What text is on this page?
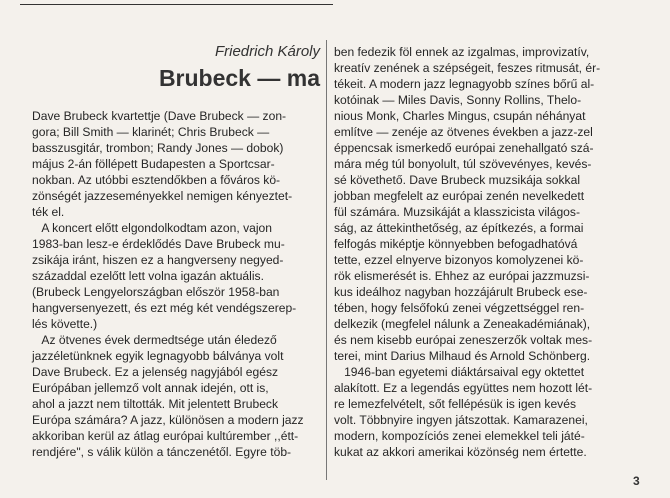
Friedrich Károly
Brubeck — ma
Dave Brubeck kvartettje (Dave Brubeck — zon-
gora; Bill Smith — klarinét; Chris Brubeck —
basszusgitár, trombon; Randy Jones — dobok)
május 2-án föllépett Budapesten a Sportcsar-
nokban. Az utóbbi esztendőkben a főváros kö-
zönségét jazzeseményekkel nemigen kényeztet-
ték el.
A koncert előtt elgondolkodtam azon, vajon
1983-ban lesz-e érdeklődés Dave Brubeck mu-
zsikája iránt, hiszen ez a hangverseny negyed-
századdal ezelőtt lett volna igazán aktuális.
(Brubeck Lengyelországban először 1958-ban
hangversenyezett, és ezt még két vendégszerep-
lés követte.)
Az ötvenes évek dermedtsége után éledező
jazzéletünknek egyik legnagyobb bálványa volt
Dave Brubeck. Ez a jelenség nagyjából egész
Európában jellemző volt annak idején, ott is,
ahol a jazzt nem tiltották. Mit jelentett Brubeck
Európa számára? A jazz, különösen a modern jazz
akkoriban kerül az átlag európai kultúrember ,,étt-
rendjére", s válik külön a tánczenétől. Egyre töb-
ben fedezik föl ennek az izgalmas, improvizatív,
kreatív zenének a szépségeit, feszes ritmusát, ér-
tékeit. A modern jazz legnagyobb színes bőrű al-
kotóinak — Miles Davis, Sonny Rollins, Thelo-
nious Monk, Charles Mingus, csupán néhányat
említve — zenéje az ötvenes években a jazz-zel
éppencsak ismerkedő európai zenehallgató szá-
mára még túl bonyolult, túl szövevényes, kevés-
sé követhető. Dave Brubeck muzsikája sokkal
jobban megfelelt az európai zenén nevelkedett
fül számára. Muzsikáját a klasszicista világos-
ság, az áttekinthetőség, az építkezés, a formai
felfogás miképtje könnyebben befogadhatóvá
tette, ezzel elnyerve bizonyos komolyzenei kö-
rök elismerését is. Ehhez az európai jazzmuzsi-
kus ideálhoz nagyban hozzájárult Brubeck ese-
tében, hogy felsőfokú zenei végzettséggel ren-
delkezik (megfelel nálunk a Zeneakadémiának),
és nem kisebb európai zeneszerzők voltak mes-
terei, mint Darius Milhaud és Arnold Schönberg.
1946-ban egyetemi diáktársaival egy oktettet
alakított. Ez a legendás együttes nem hozott lét-
re lemezfelvételt, sőt fellépésük is igen kevés
volt. Többnyire ingyen játszottak. Kamarazenei,
modern, kompozíciós zenei elemekkel teli játé-
kukat az akkori amerikai közönség nem értette.
3
